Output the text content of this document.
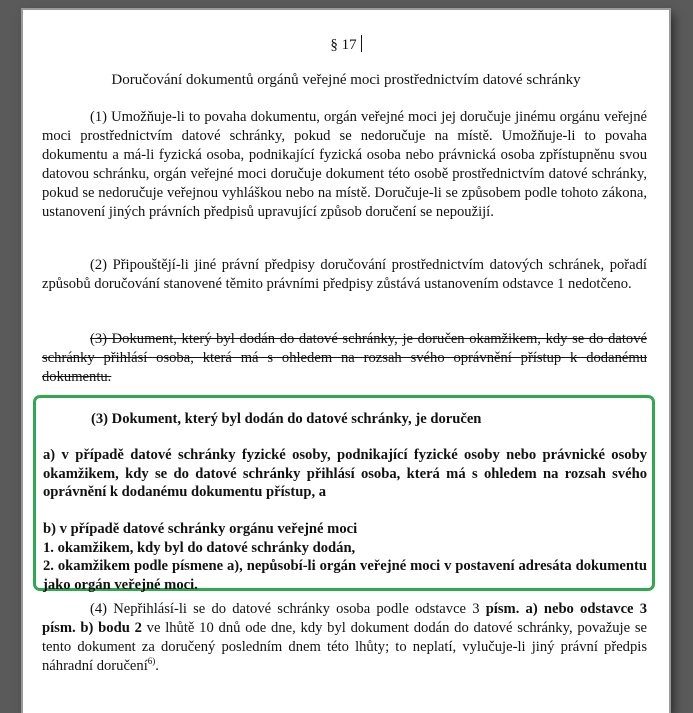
§ 17
Doručování dokumentů orgánů veřejné moci prostřednictvím datové schránky

(1) Umožňuje-li to povaha dokumentu, orgán veřejné moci jej doručuje jinému orgánu veřejné moci prostřednictvím datové schránky, pokud se nedoručuje na místě. Umožňuje-li to povaha dokumentu a má-li fyzická osoba, podnikající fyzická osoba nebo právnická osoba zpřístupněnu svou datovou schránku, orgán veřejné moci doručuje dokument této osobě prostřednictvím datové schránky, pokud se nedoručuje veřejnou vyhláškou nebo na místě. Doručuje-li se způsobem podle tohoto zákona, ustanovení jiných právních předpisů upravující způsob doručení se nepoužijí.

(2) Připouštějí-li jiné právní předpisy doručování prostřednictvím datových schránek, pořadí způsobů doručování stanovené těmito právními předpisy zůstává ustanovením odstavce 1 nedotčeno.

(3) Dokument, který byl dodán do datové schránky, je doručen okamžikem, kdy se do datové schránky přihlásí osoba, která má s ohledem na rozsah svého oprávnění přístup k dodanému dokumentu.

(3) Dokument, který byl dodán do datové schránky, je doručen

a) v případě datové schránky fyzické osoby, podnikající fyzické osoby nebo právnické osoby okamžikem, kdy se do datové schránky přihlásí osoba, která má s ohledem na rozsah svého oprávnění k dodanému dokumentu přístup, a

b) v případě datové schránky orgánu veřejné moci
1. okamžikem, kdy byl do datové schránky dodán,
2. okamžikem podle písmene a), nepůsobí-li orgán veřejné moci v postavení adresáta dokumentu jako orgán veřejné moci.

(4) Nepřihlásí-li se do datové schránky osoba podle odstavce 3 písm. a) nebo odstavce 3 písm. b) bodu 2 ve lhůtě 10 dnů ode dne, kdy byl dokument dodán do datové schránky, považuje se tento dokument za doručený posledním dnem této lhůty; to neplatí, vylučuje-li jiný právní předpis náhradní doručení$^{6)}$.
